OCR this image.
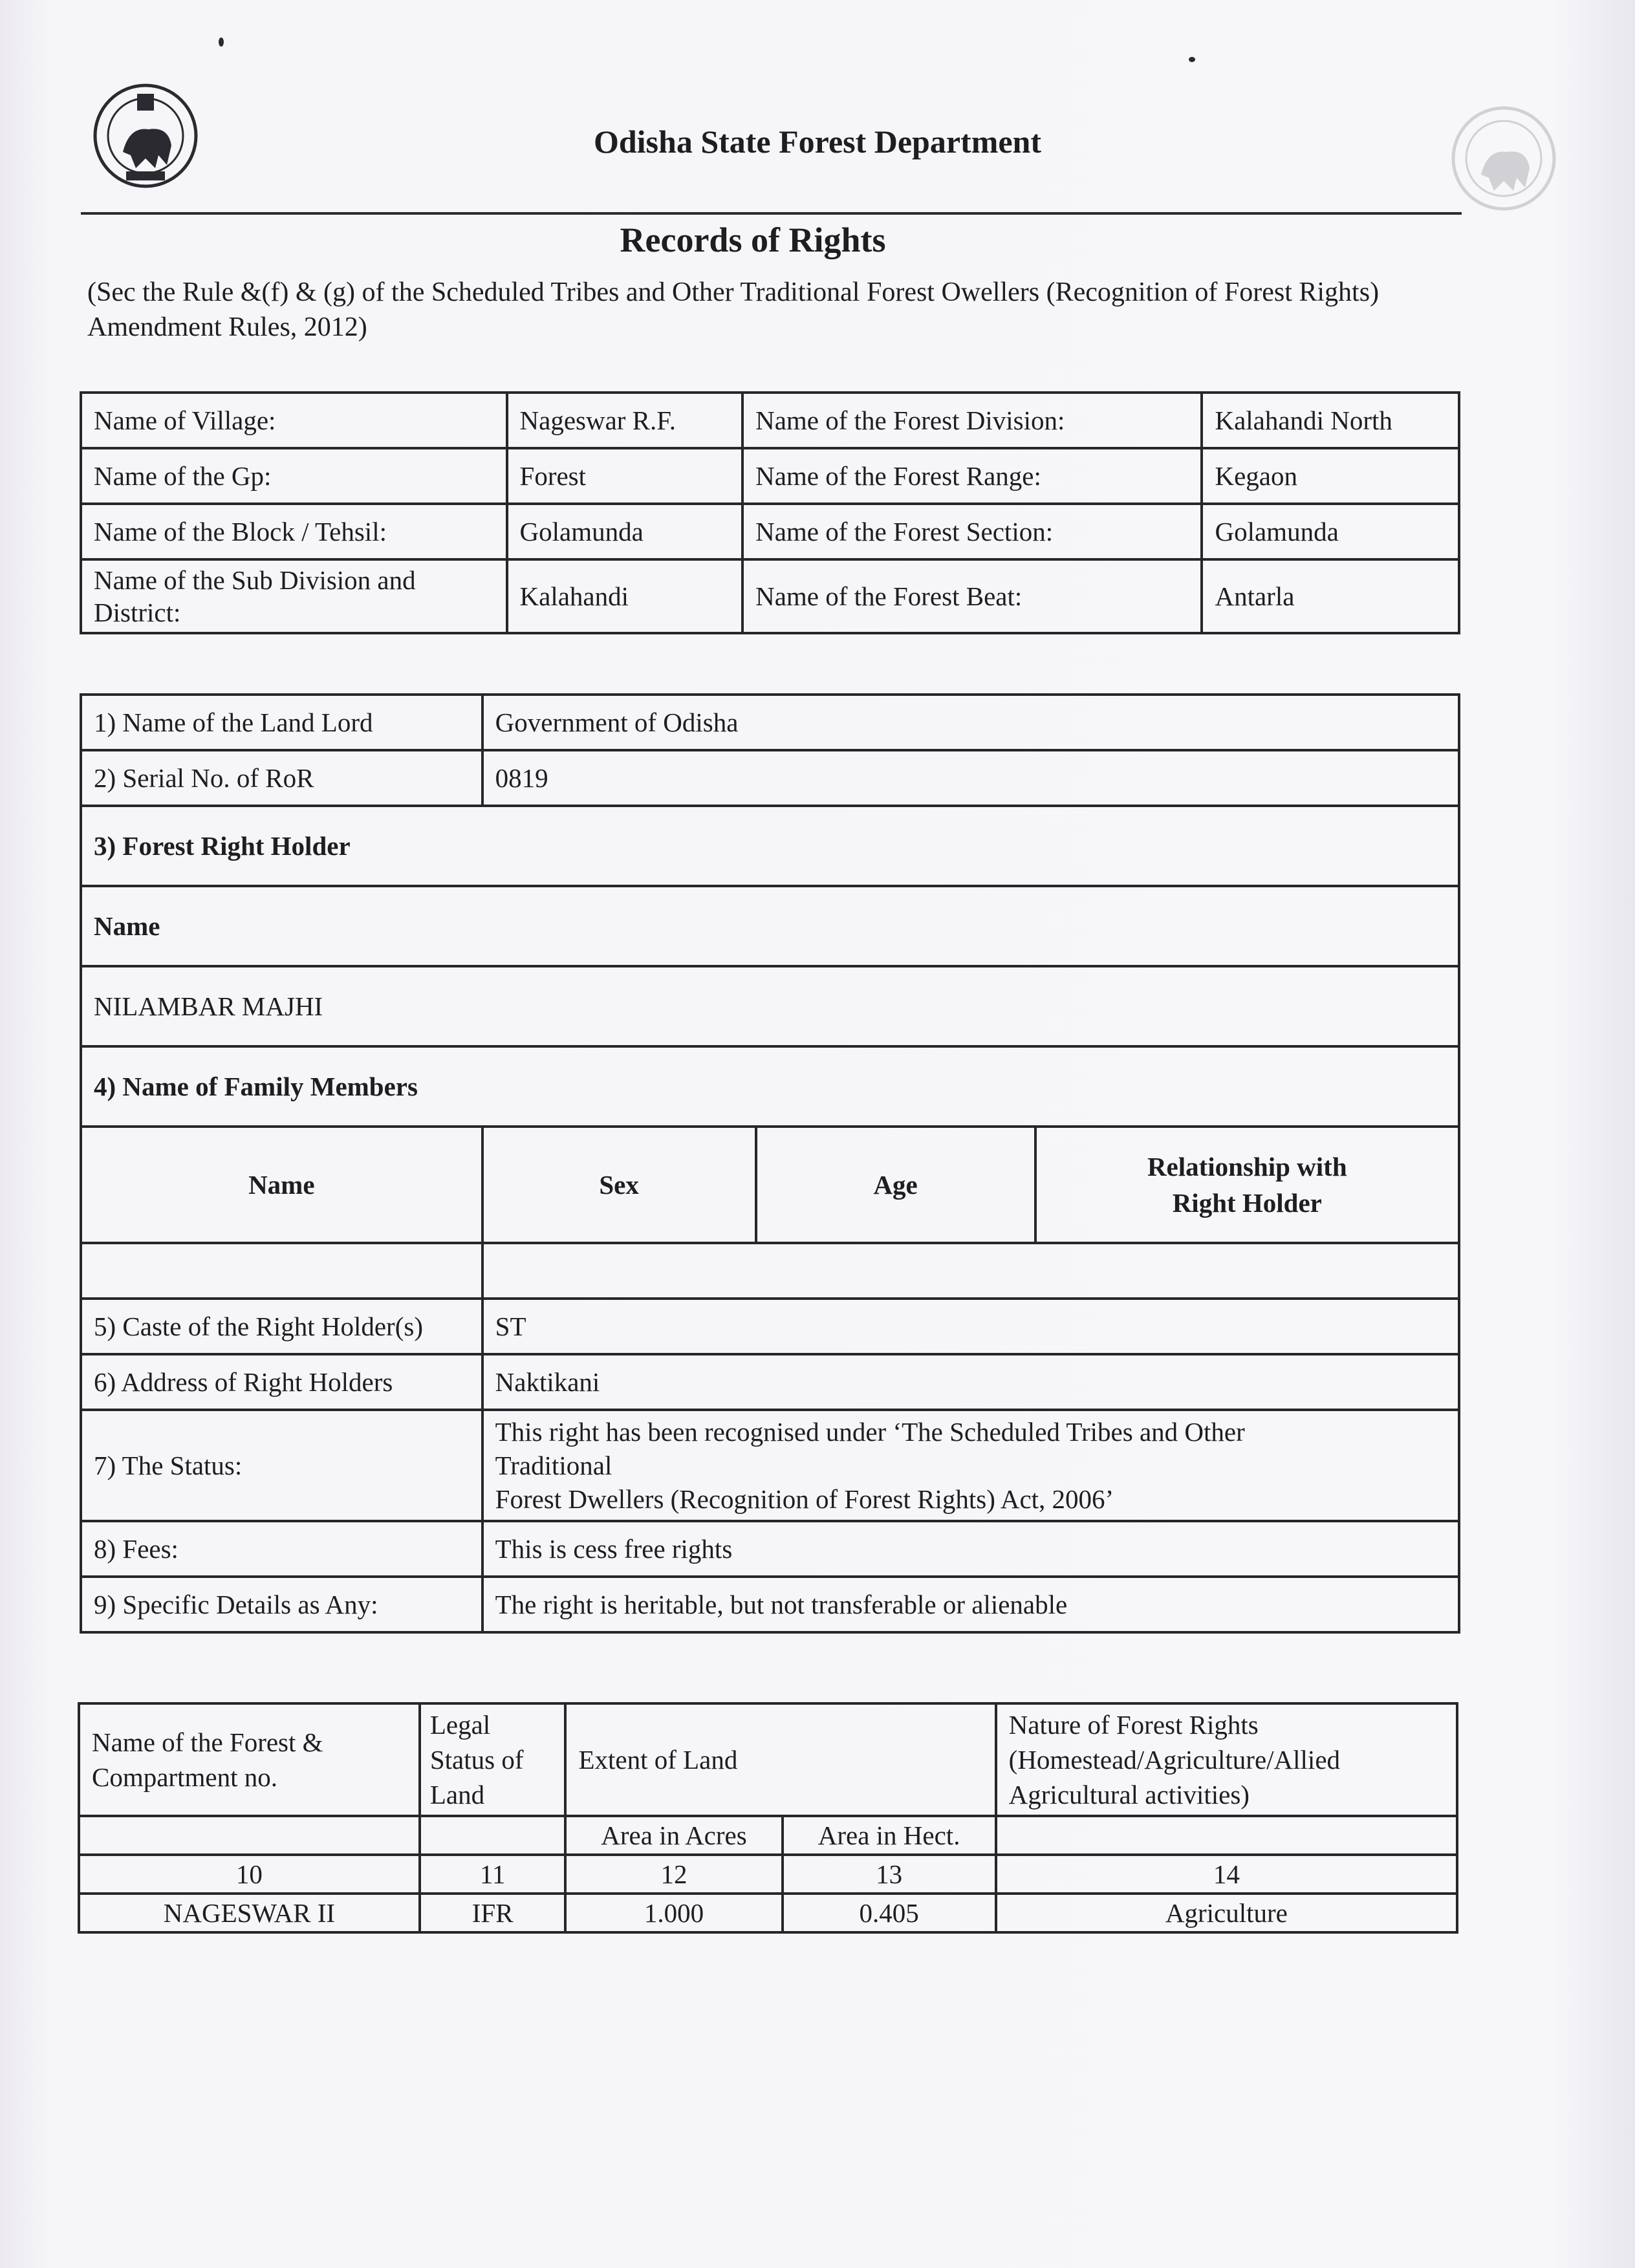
Odisha State Forest Department
Records of Rights
(Sec the Rule &(f) & (g) of the Scheduled Tribes and Other Traditional Forest Owellers (Recognition of Forest Rights) Amendment Rules, 2012)
Name of Village:	Nageswar R.F.	Name of the Forest Division:	Kalahandi North
Name of the Gp:	Forest	Name of the Forest Range:	Kegaon
Name of the Block / Tehsil:	Golamunda	Name of the Forest Section:	Golamunda
Name of the Sub Division and District:	Kalahandi	Name of the Forest Beat:	Antarla
1) Name of the Land Lord	Government of Odisha		
2) Serial No. of RoR	0819		
3) Forest Right Holder			
Name			
NILAMBAR MAJHI			
4) Name of Family Members			
Name	Sex	Age	Relationship with Right Holder

5) Caste of the Right Holder(s)	ST		
6) Address of Right Holders	Naktikani		
7) The Status:	This right has been recognised under ‘The Scheduled Tribes and Other
Traditional
Forest Dwellers (Recognition of Forest Rights) Act, 2006’		

8) Fees:	This is cess free rights		
9) Specific Details as Any:	The right is heritable, but not transferable or alienable		
Name of the Forest & Compartment no.	Legal Status of Land	Extent of Land		Nature of Forest Rights (Homestead/Agriculture/Allied Agricultural activities)
		Area in Acres	Area in Hect.	
10	11	12	13	14
NAGESWAR II	IFR	1.000	0.405	Agriculture
